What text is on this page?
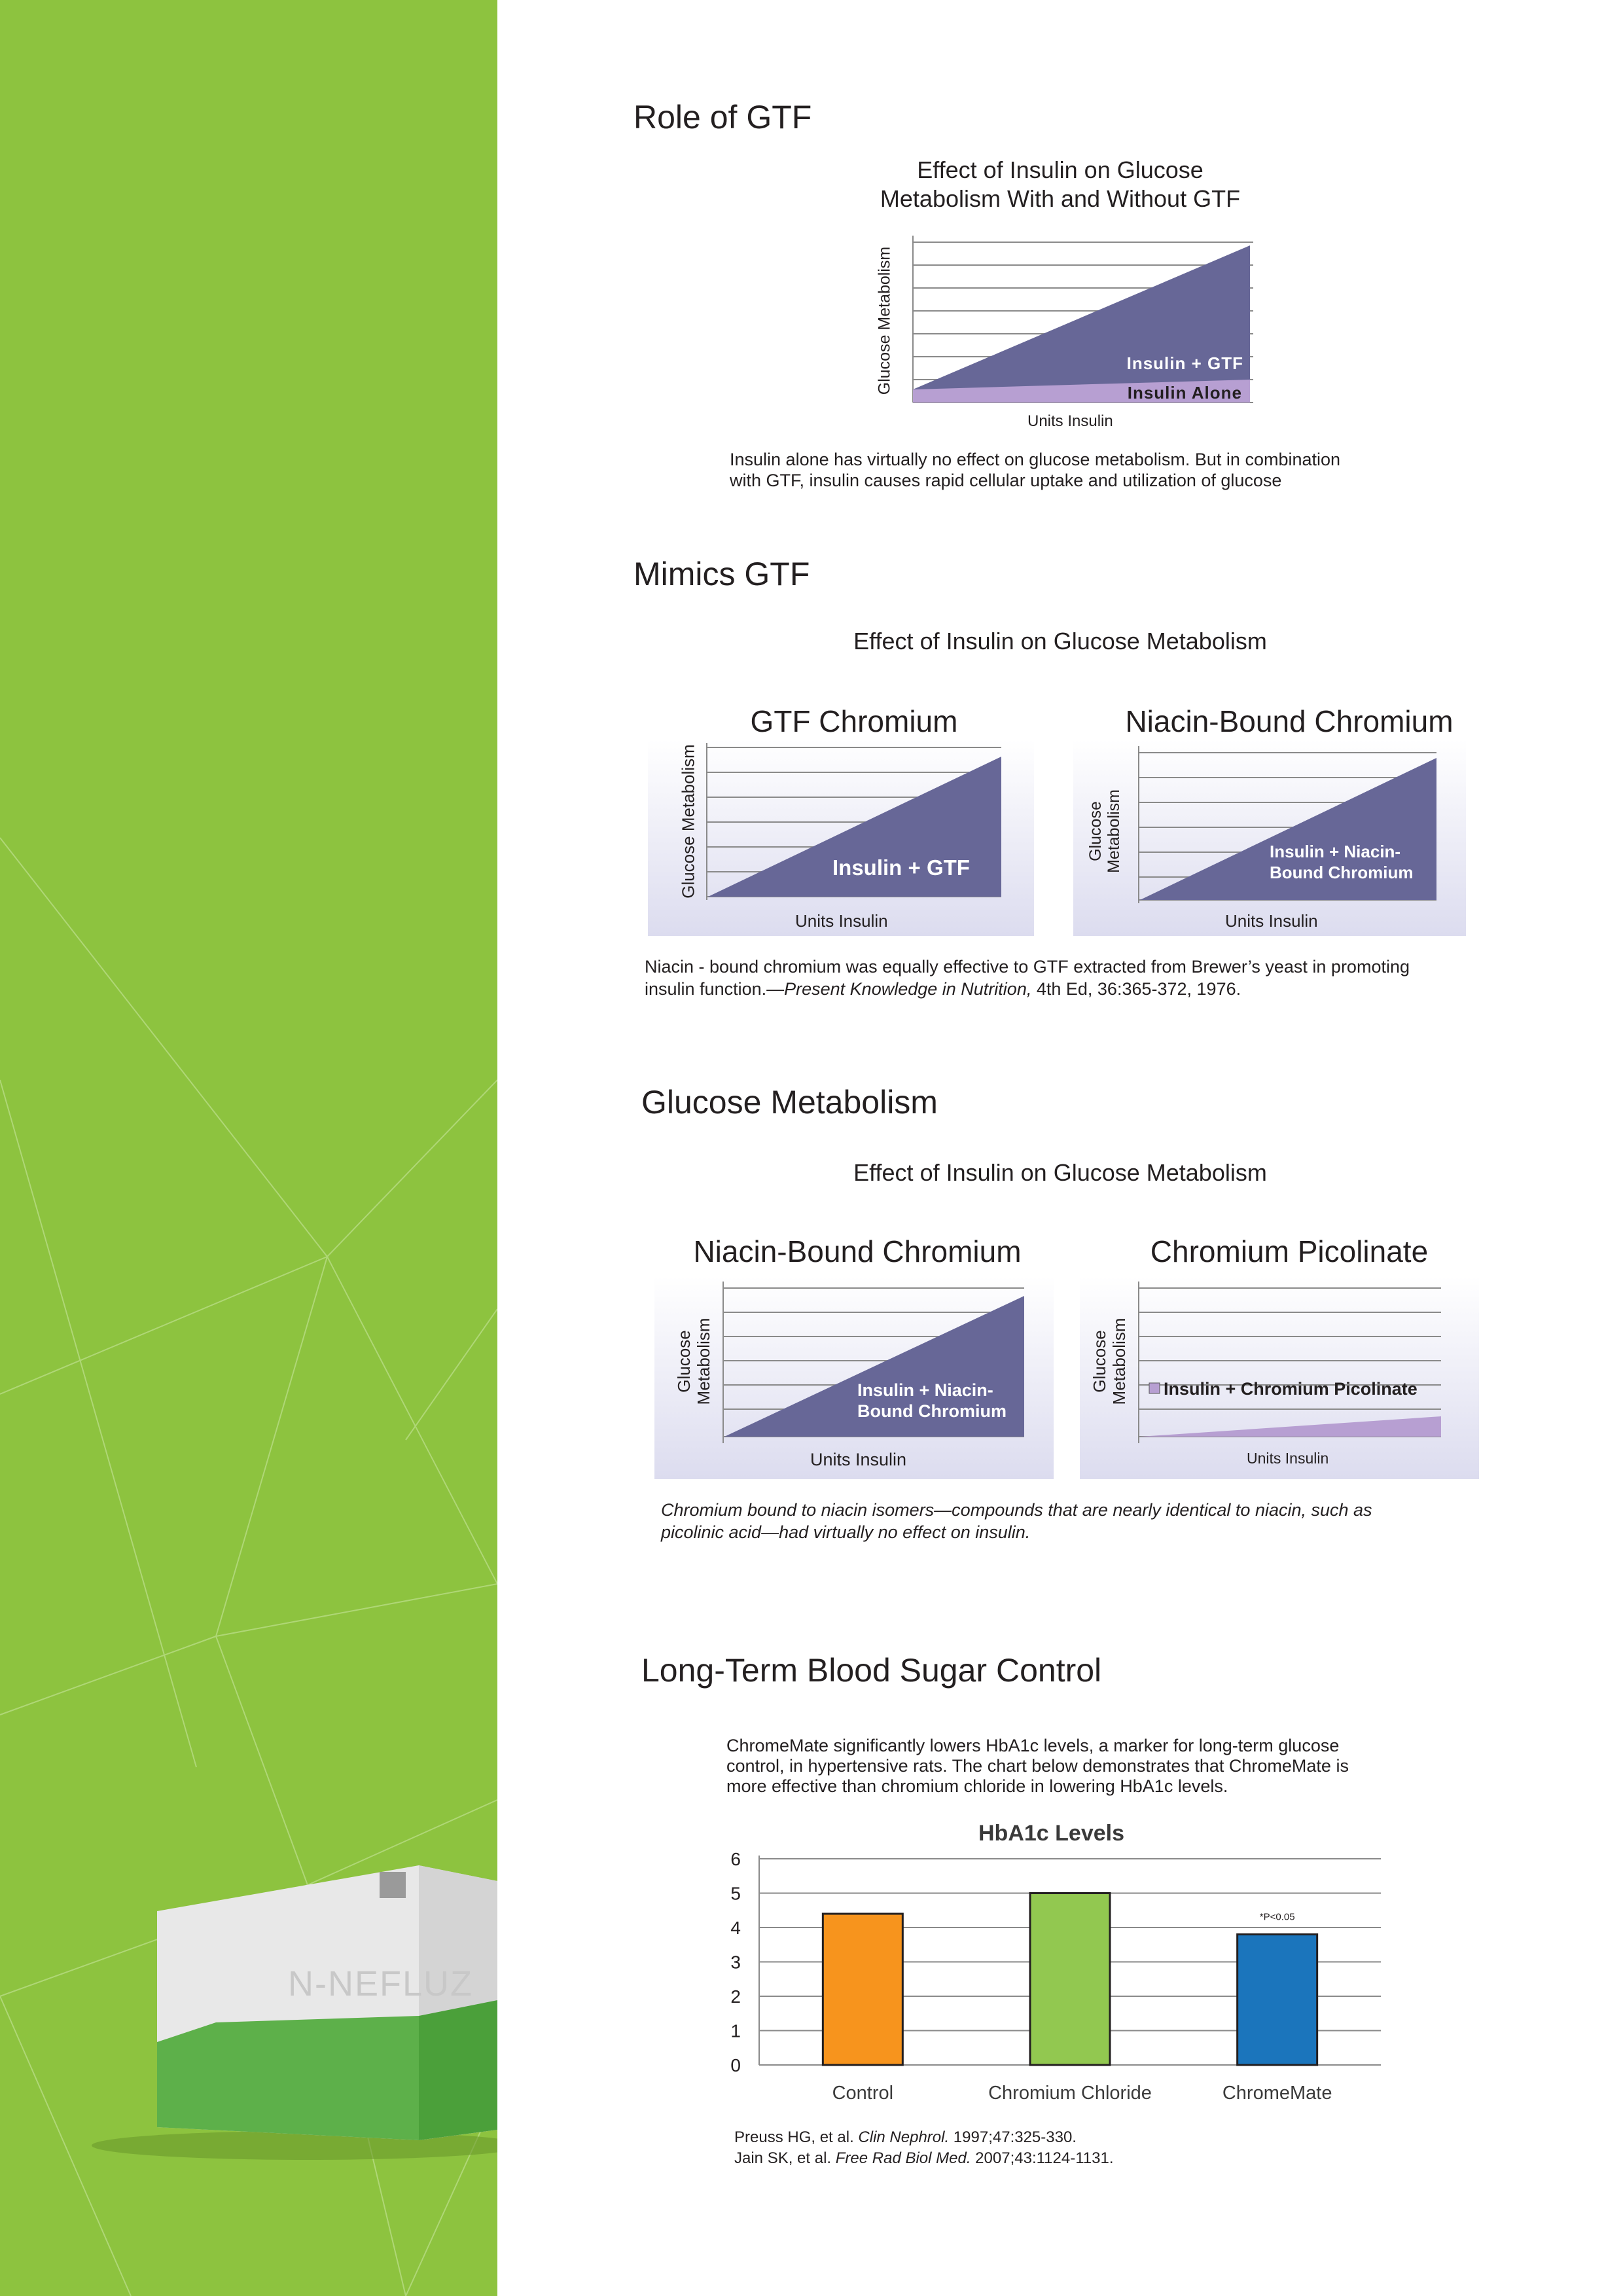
N-NEFLUZ
Role of GTF
Effect of Insulin on Glucose
Metabolism With and Without GTF
Glucose Metabolism	Insulin + GTF
Insulin Alone
Units Insulin
Insulin alone has virtually no effect on glucose metabolism. But in combination
with GTF, insulin causes rapid cellular uptake and utilization of glucose
Mimics GTF
Effect of Insulin on Glucose Metabolism
GTF Chromium
Glucose Metabolism	Insulin + GTF
Units Insulin
Niacin-Bound Chromium
Glucose Metabolism	Insulin + Niacin-
Bound Chromium
Units Insulin
Niacin - bound chromium was equally effective to GTF extracted from Brewer’s yeast in promoting
insulin function.—Present Knowledge in Nutrition, 4th Ed, 36:365-372, 1976.
Glucose Metabolism
Effect of Insulin on Glucose Metabolism
Niacin-Bound Chromium
Glucose Metabolism	Insulin + Niacin-
Bound Chromium
Units Insulin
Chromium Picolinate
Glucose Metabolism Insulin + Chromium Picolinate
Units Insulin
Chromium bound to niacin isomers—compounds that are nearly identical to niacin, such as
picolinic acid—had virtually no effect on insulin.
Long-Term Blood Sugar Control
ChromeMate significantly lowers HbA1c levels, a marker for long-term glucose
control, in hypertensive rats. The chart below demonstrates that ChromeMate is
more effective than chromium chloride in lowering HbA1c levels.
HbA1c Levels
0
1
2
3
4
5
6
Control	Chromium Chloride	ChromeMate
*P<0.05
Preuss HG, et al. Clin Nephrol. 1997;47:325-330.
Jain SK, et al. Free Rad Biol Med. 2007;43:1124-1131.
